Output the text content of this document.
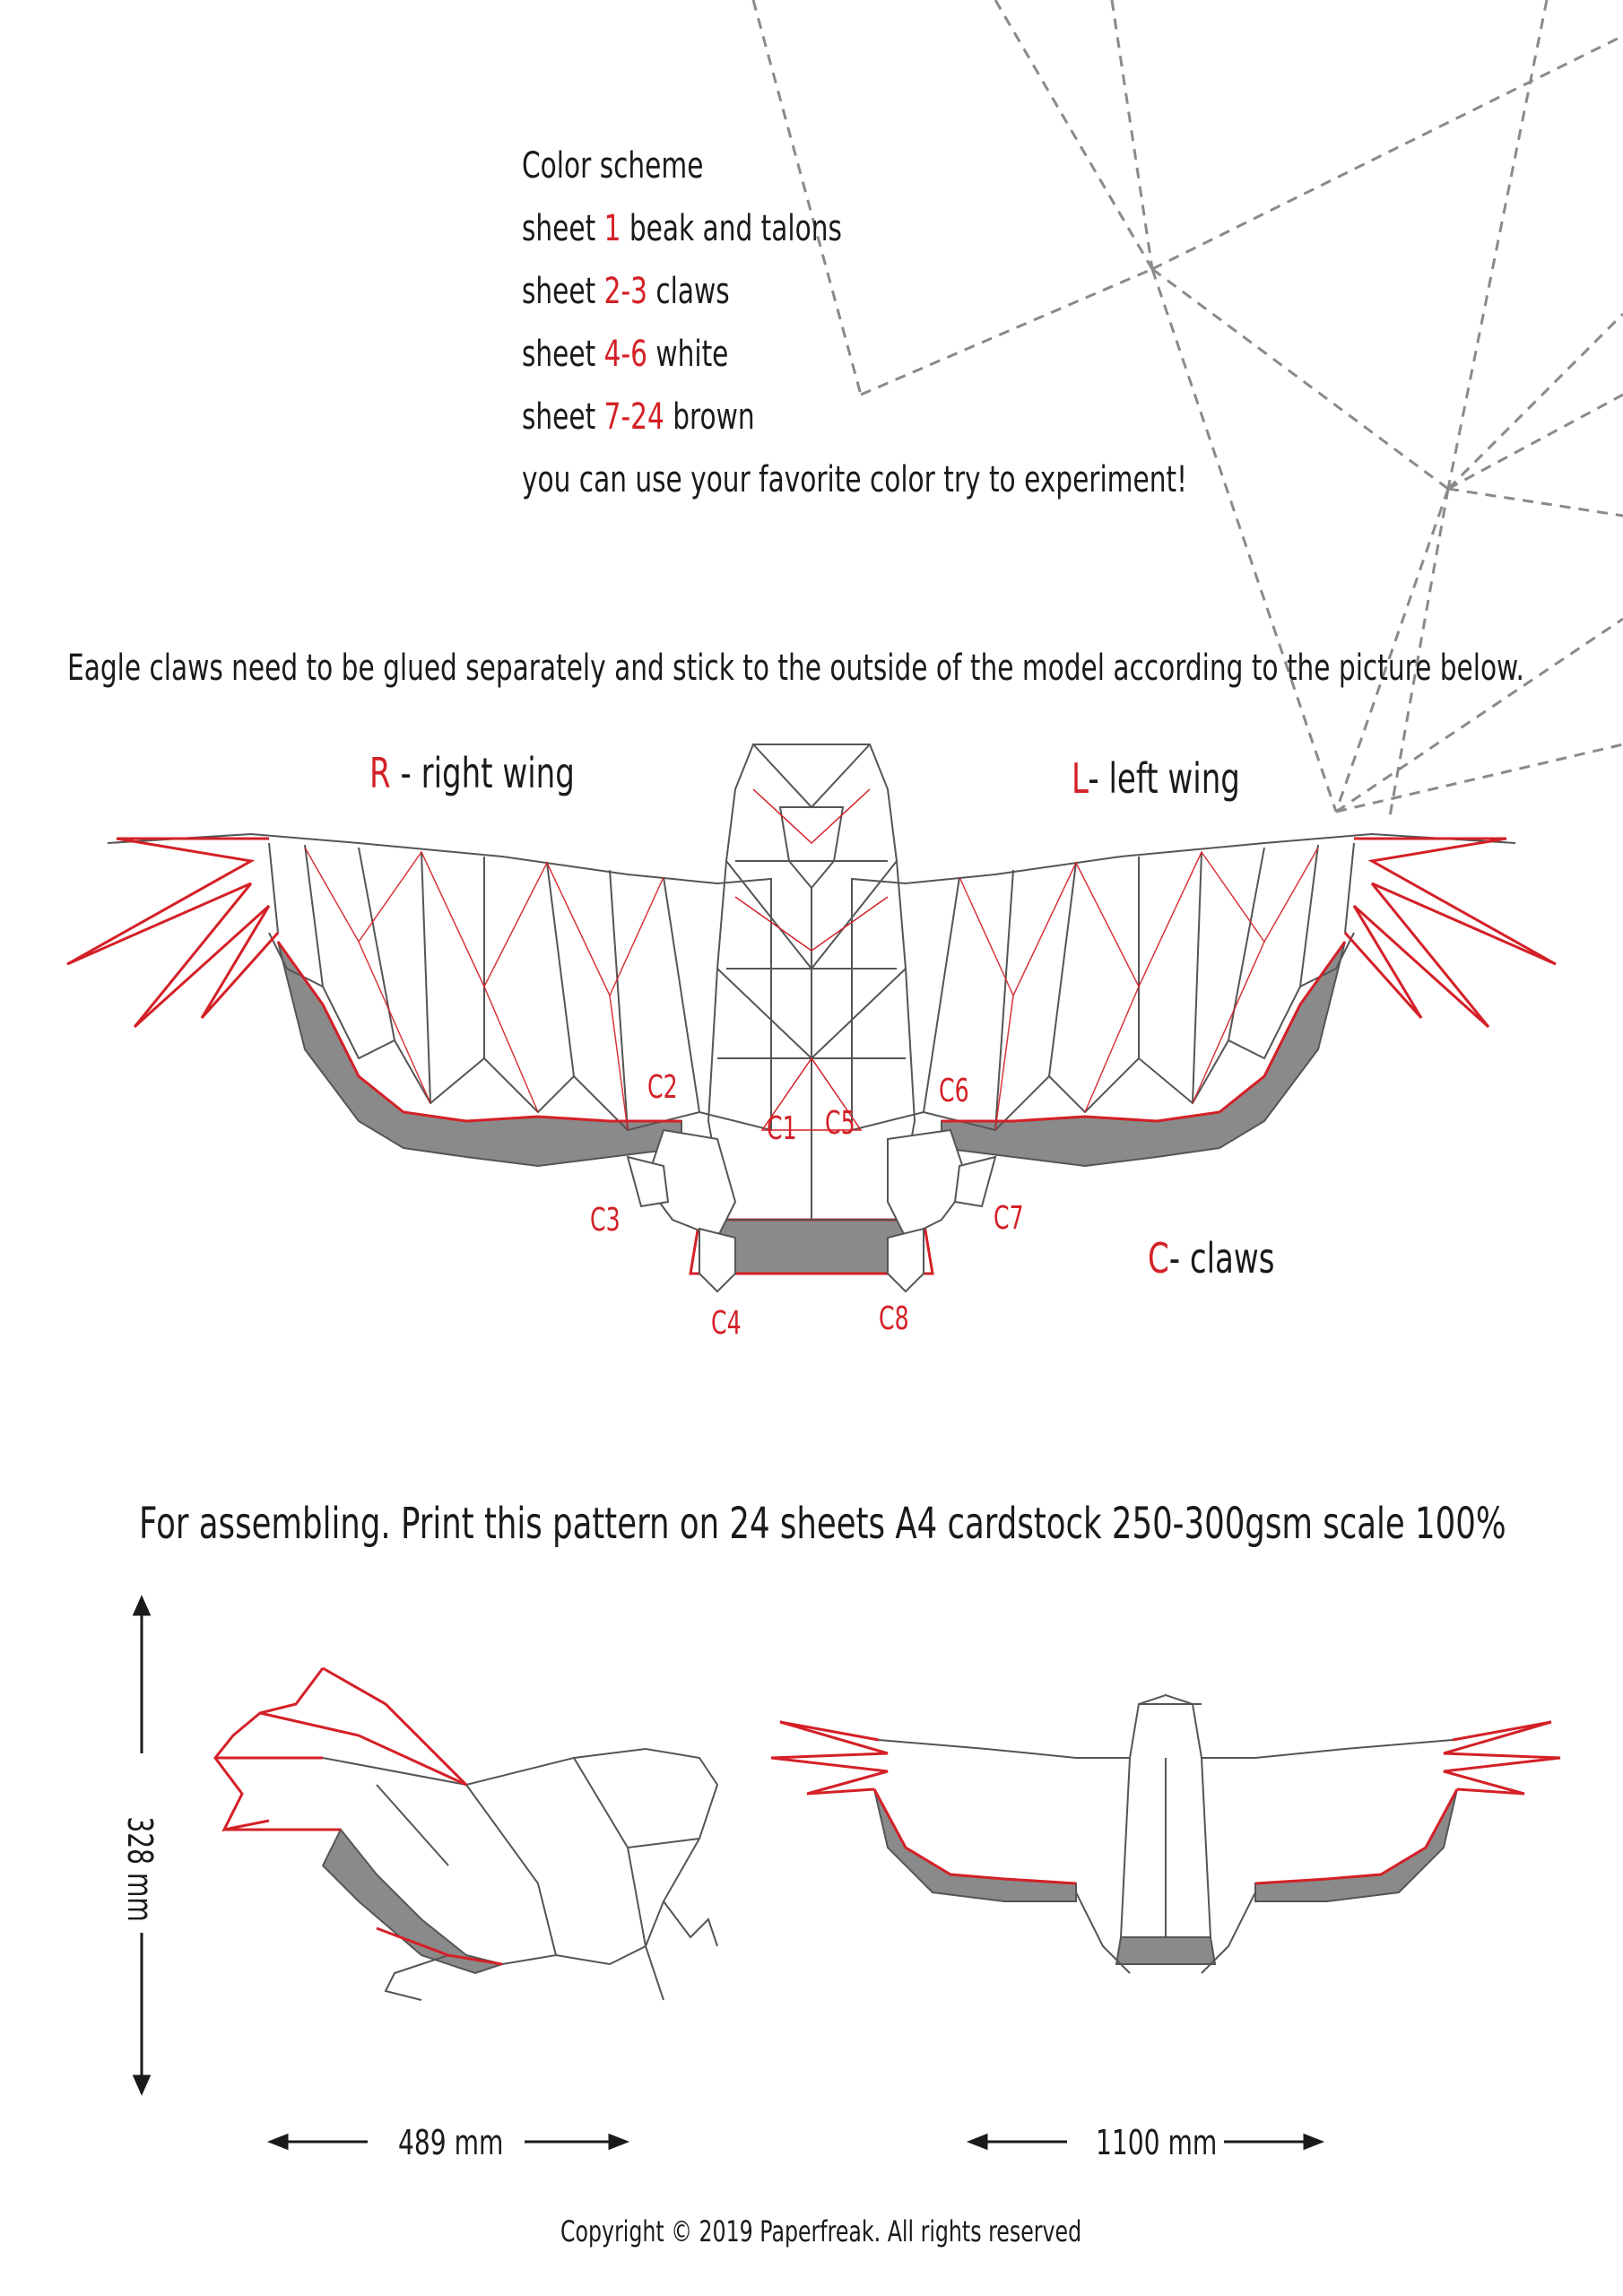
Color scheme
sheet 1 beak and talons
sheet 2-3 claws
sheet 4-6 white
sheet 7-24 brown
you can use your favorite color try to experiment!
Eagle claws need to be glued separately and stick to the outside of the model according to the picture below.
R - right wing	L- left wing
C- claws
C2
C1 C5
C6
C3	C7
C4	C8
For assembling. Print this pattern on 24 sheets A4 cardstock 250-300gsm scale 100%
328 mm
489 mm	1100 mm
Copyright © 2019 Paperfreak. All rights reserved
